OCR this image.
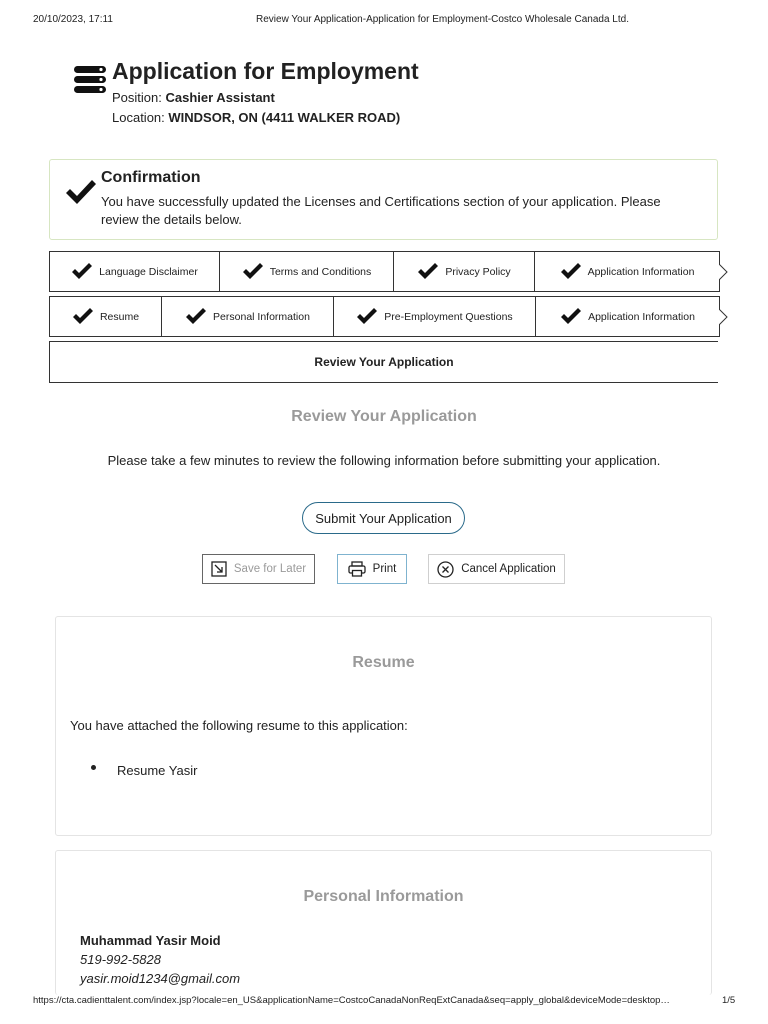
20/10/2023, 17:11	Review Your Application-Application for Employment-Costco Wholesale Canada Ltd.
Application for Employment
Position: Cashier Assistant
Location: WINDSOR, ON (4411 WALKER ROAD)
Confirmation
You have successfully updated the Licenses and Certifications section of your application. Please review the details below.
Language Disclaimer	Terms and Conditions	Privacy Policy	Application Information
Resume	Personal Information	Pre-Employment Questions	Application Information
Review Your Application
Review Your Application
Please take a few minutes to review the following information before submitting your application.
Submit Your Application
Save for Later	Print	Cancel Application
Resume
You have attached the following resume to this application:
Resume Yasir
Personal Information
Muhammad Yasir Moid
519-992-5828
yasir.moid1234@gmail.com
https://cta.cadienttalent.com/index.jsp?locale=en_US&applicationName=CostcoCanadaNonReqExtCanada&seq=apply_global&deviceMode=desktop…	1/5
